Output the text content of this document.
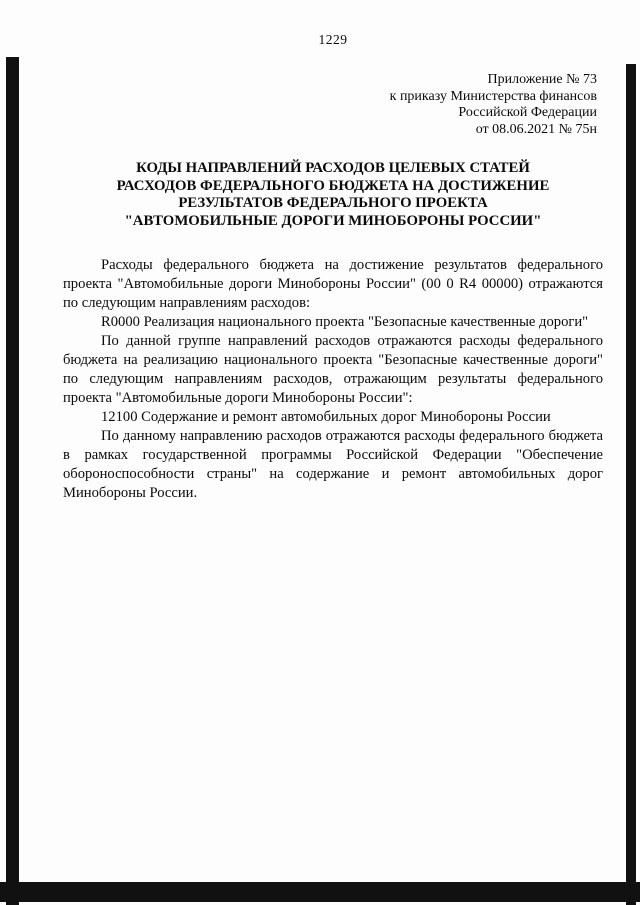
1229
Приложение № 73
к приказу Министерства финансов
Российской Федерации
от 08.06.2021 № 75н
КОДЫ НАПРАВЛЕНИЙ РАСХОДОВ ЦЕЛЕВЫХ СТАТЕЙ
РАСХОДОВ ФЕДЕРАЛЬНОГО БЮДЖЕТА НА ДОСТИЖЕНИЕ
РЕЗУЛЬТАТОВ ФЕДЕРАЛЬНОГО ПРОЕКТА
"АВТОМОБИЛЬНЫЕ ДОРОГИ МИНОБОРОНЫ РОССИИ"

Расходы федерального бюджета на достижение результатов федерального проекта "Автомобильные дороги Минобороны России" (00 0 R4 00000) отражаются по следующим направлениям расходов:

R0000 Реализация национального проекта "Безопасные качественные дороги"

По данной группе направлений расходов отражаются расходы федерального бюджета на реализацию национального проекта "Безопасные качественные дороги" по следующим направлениям расходов, отражающим результаты федерального проекта "Автомобильные дороги Минобороны России":

12100 Содержание и ремонт автомобильных дорог Минобороны России

По данному направлению расходов отражаются расходы федерального бюджета в рамках государственной программы Российской Федерации "Обеспечение обороноспособности страны" на содержание и ремонт автомобильных дорог Минобороны России.
